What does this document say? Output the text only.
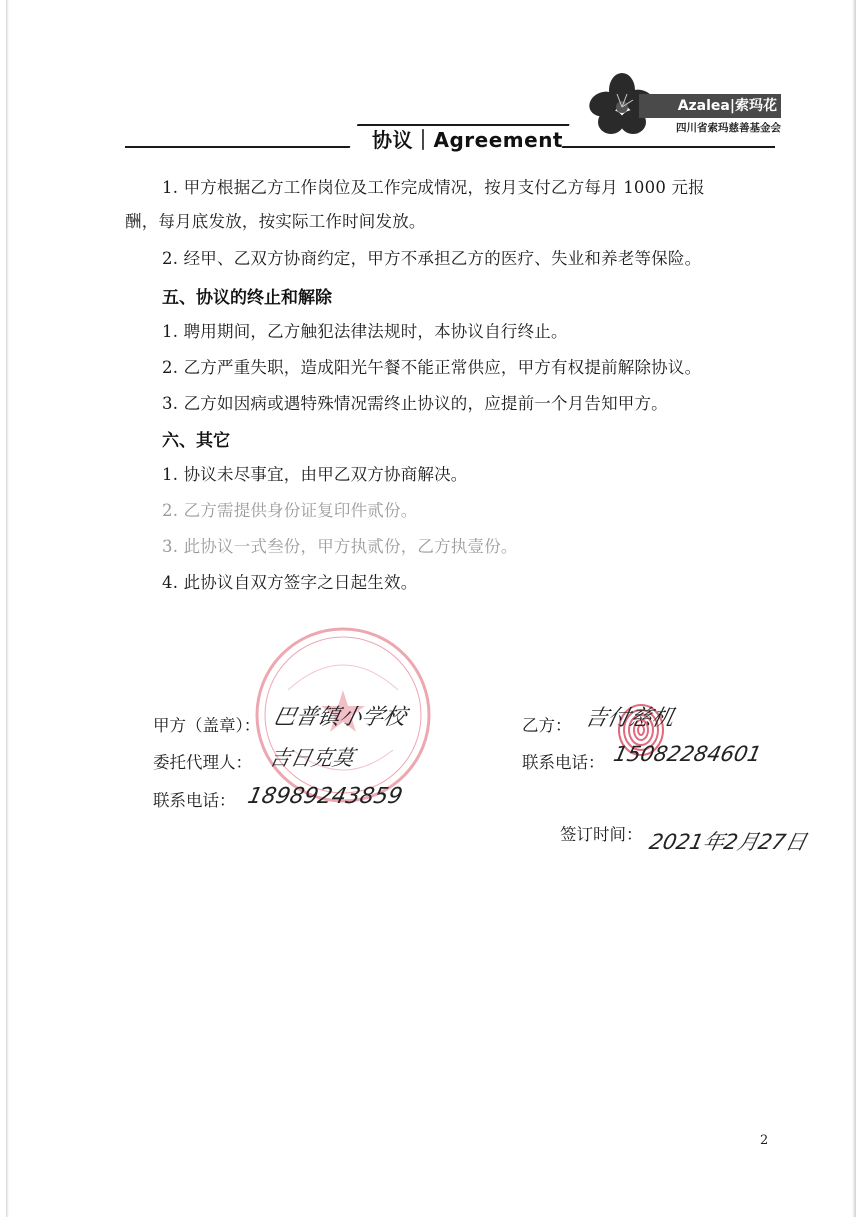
Azalea|索玛花
四川省索玛慈善基金会
协议｜Agreement
1. 甲方根据乙方工作岗位及工作完成情况，按月支付乙方每月 1000 元报
酬，每月底发放，按实际工作时间发放。
2. 经甲、乙双方协商约定，甲方不承担乙方的医疗、失业和养老等保险。
五、协议的终止和解除
1. 聘用期间，乙方触犯法律法规时，本协议自行终止。
2. 乙方严重失职，造成阳光午餐不能正常供应，甲方有权提前解除协议。
3. 乙方如因病或遇特殊情况需终止协议的，应提前一个月告知甲方。
六、其它
1. 协议未尽事宜，由甲乙双方协商解决。
2. 乙方需提供身份证复印件贰份。
3. 此协议一式叁份，甲方执贰份，乙方执壹份。
4. 此协议自双方签字之日起生效。
甲方（盖章）： 巴普镇小学校
委托代理人： 吉日克莫
联系电话： 18989243859
乙方： 吉付慈机
联系电话： 15082284601
签订时间： 2021年2月27日
2
